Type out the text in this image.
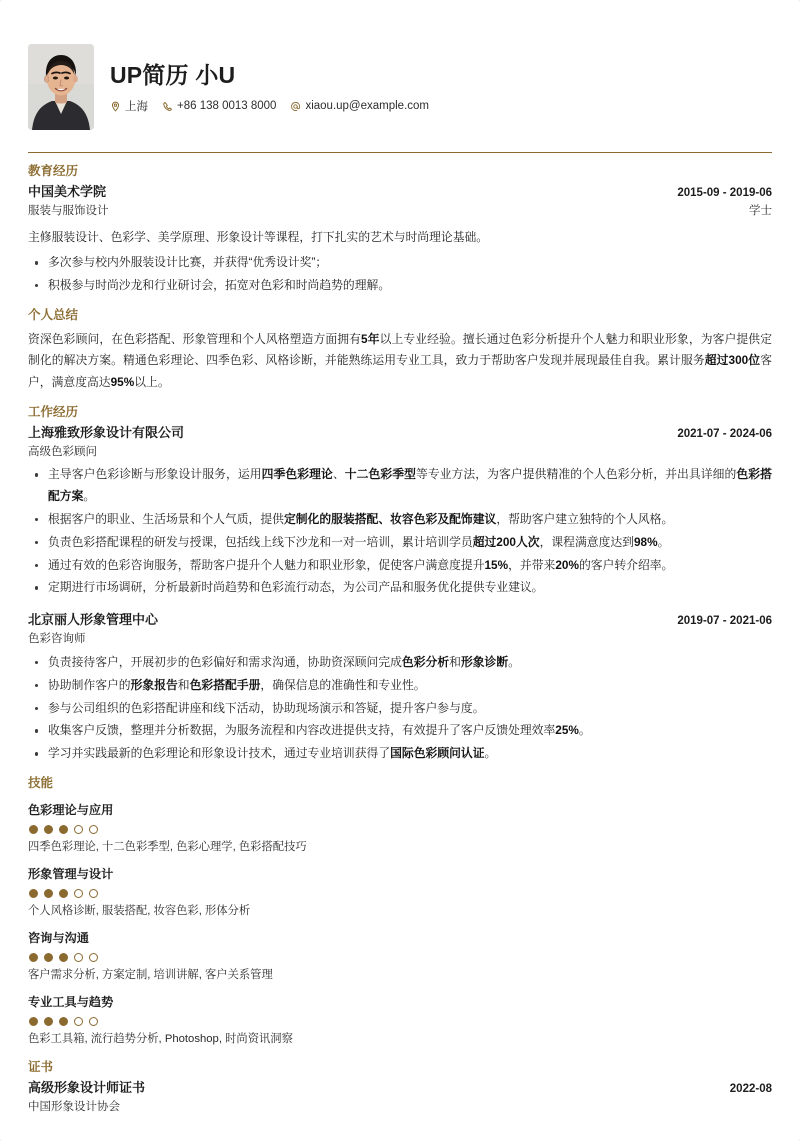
UP简历 小U
上海	+86 138 0013 8000	xiaou.up@example.com
教育经历
中国美术学院	2015-09 - 2019-06
服装与服饰设计	学士
主修服装设计、色彩学、美学原理、形象设计等课程，打下扎实的艺术与时尚理论基础。
多次参与校内外服装设计比赛，并获得“优秀设计奖”；
积极参与时尚沙龙和行业研讨会，拓宽对色彩和时尚趋势的理解。
个人总结
资深色彩顾问，在色彩搭配、形象管理和个人风格塑造方面拥有5年以上专业经验。擅长通过色彩分析提升个人魅力和职业形象，为客户提供定制化的解决方案。精通色彩理论、四季色彩、风格诊断，并能熟练运用专业工具，致力于帮助客户发现并展现最佳自我。累计服务超过300位客户，满意度高达95%以上。
工作经历
上海雅致形象设计有限公司	2021-07 - 2024-06
高级色彩顾问
主导客户色彩诊断与形象设计服务，运用四季色彩理论、十二色彩季型等专业方法，为客户提供精准的个人色彩分析，并出具详细的色彩搭配方案。
根据客户的职业、生活场景和个人气质，提供定制化的服装搭配、妆容色彩及配饰建议，帮助客户建立独特的个人风格。
负责色彩搭配课程的研发与授课，包括线上线下沙龙和一对一培训，累计培训学员超过200人次，课程满意度达到98%。
通过有效的色彩咨询服务，帮助客户提升个人魅力和职业形象，促使客户满意度提升15%，并带来20%的客户转介绍率。
定期进行市场调研，分析最新时尚趋势和色彩流行动态，为公司产品和服务优化提供专业建议。
北京丽人形象管理中心	2019-07 - 2021-06
色彩咨询师
负责接待客户，开展初步的色彩偏好和需求沟通，协助资深顾问完成色彩分析和形象诊断。
协助制作客户的形象报告和色彩搭配手册，确保信息的准确性和专业性。
参与公司组织的色彩搭配讲座和线下活动，协助现场演示和答疑，提升客户参与度。
收集客户反馈，整理并分析数据，为服务流程和内容改进提供支持，有效提升了客户反馈处理效率25%。
学习并实践最新的色彩理论和形象设计技术，通过专业培训获得了国际色彩顾问认证。
技能
色彩理论与应用
四季色彩理论, 十二色彩季型, 色彩心理学, 色彩搭配技巧
形象管理与设计
个人风格诊断, 服装搭配, 妆容色彩, 形体分析
咨询与沟通
客户需求分析, 方案定制, 培训讲解, 客户关系管理
专业工具与趋势
色彩工具箱, 流行趋势分析, Photoshop, 时尚资讯洞察
证书
高级形象设计师证书	2022-08
中国形象设计协会
